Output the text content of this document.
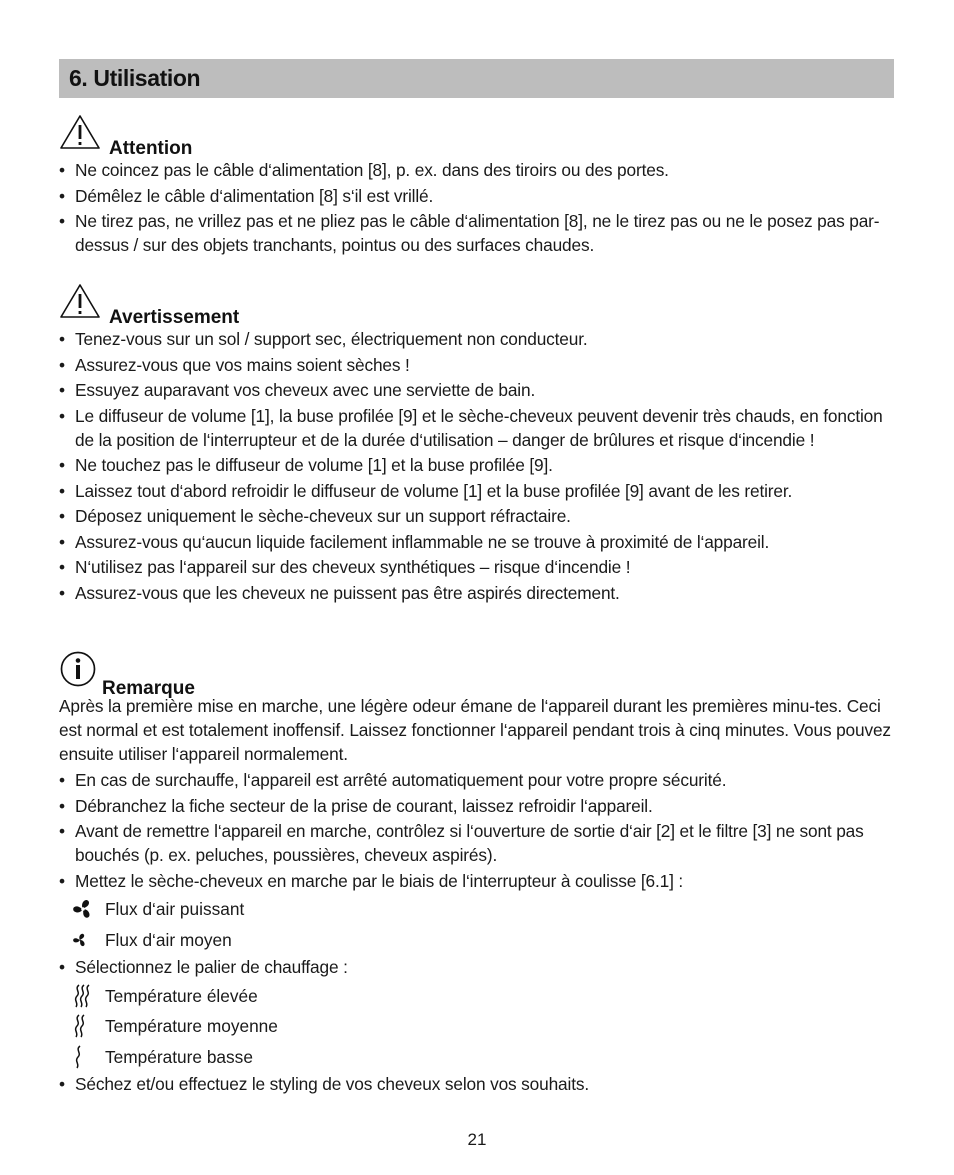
6. Utilisation
Attention
• Ne coincez pas le câble d‘alimentation [8], p. ex. dans des tiroirs ou des portes.
• Démêlez le câble d‘alimentation [8] s‘il est vrillé.
• Ne tirez pas, ne vrillez pas et ne pliez pas le câble d‘alimentation [8], ne le tirez pas ou ne le posez pas par-dessus / sur des objets tranchants, pointus ou des surfaces chaudes.
Avertissement
• Tenez-vous sur un sol / support sec, électriquement non conducteur.
• Assurez-vous que vos mains soient sèches !
• Essuyez auparavant vos cheveux avec une serviette de bain.
• Le diffuseur de volume [1], la buse profilée [9] et le sèche-cheveux peuvent devenir très chauds, en fonction de la position de l‘interrupteur et de la durée d‘utilisation – danger de brûlures et risque d‘incendie !
• Ne touchez pas le diffuseur de volume [1] et la buse profilée [9].
• Laissez tout d‘abord refroidir le diffuseur de volume [1] et la buse profilée [9] avant de les retirer.
• Déposez uniquement le sèche-cheveux sur un support réfractaire.
• Assurez-vous qu‘aucun liquide facilement inflammable ne se trouve à proximité de l‘appareil.
• N‘utilisez pas l‘appareil sur des cheveux synthétiques – risque d‘incendie !
• Assurez-vous que les cheveux ne puissent pas être aspirés directement.
Remarque

Après la première mise en marche, une légère odeur émane de l‘appareil durant les premières minu-tes. Ceci est normal et est totalement inoffensif. Laissez fonctionner l‘appareil pendant trois à cinq minutes. Vous pouvez ensuite utiliser l‘appareil normalement.

• En cas de surchauffe, l‘appareil est arrêté automatiquement pour votre propre sécurité.
• Débranchez la fiche secteur de la prise de courant, laissez refroidir l‘appareil.
• Avant de remettre l‘appareil en marche, contrôlez si l‘ouverture de sortie d‘air [2] et le filtre [3] ne sont pas bouchés (p. ex. peluches, poussières, cheveux aspirés).
• Mettez le sèche-cheveux en marche par le biais de l‘interrupteur à coulisse [6.1] :
Flux d‘air puissant
Flux d‘air moyen
• Sélectionnez le palier de chauffage :
Température élevée
Température moyenne
Température basse
• Séchez et/ou effectuez le styling de vos cheveux selon vos souhaits.
21
